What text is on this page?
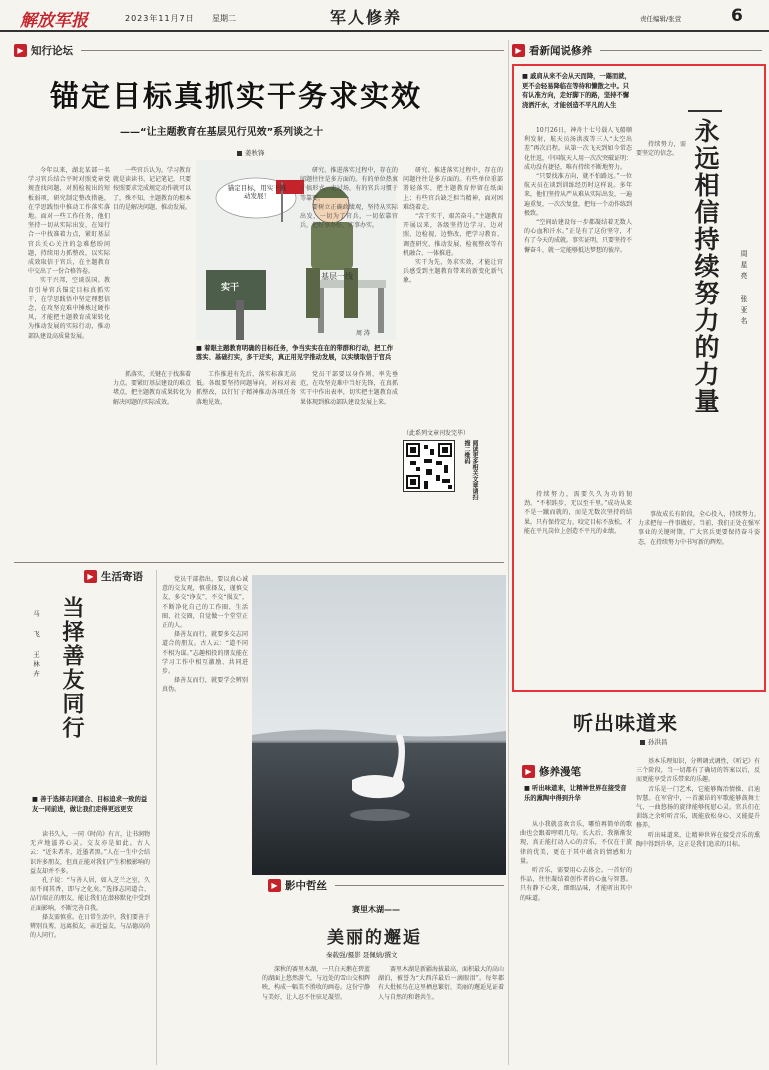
解放军报	2023年11月7日 星期二	军人修养	责任编辑/张萱	6
▶ 知行论坛
锚定目标真抓实干务求实效
——“让主题教育在基层见行见效”系列谈之十
姜秋锋

今年以来，湖北某部一名学习官兵结合平时对照党章党规查找问题，对照检视出的短板弱项，研究制定整改措施，在学思践悟中推动工作落实落地。面对一些工作任务，他们坚持一切从实际出发，在知行合一中找准着力点，紧盯基层官兵关心关注的急难愁盼问题，持续用力抓整改，以实际成效取信于官兵，在主题教育中交出了一份合格答卷。

实干兴邦，空谈误国。教育引导官兵锚定目标真抓实干，在学思践悟中坚定理想信念，在攻坚克难中锤炼过硬作风，才能把主题教育成果转化为推动发展的实际行动，推动部队建设高质量发展。

一些官兵认为，学习教育就是读读书、记记笔记，只要按照要求完成规定动作就可以了，殊不知，主题教育的根本目的是解决问题、推动发展。

锚定目标，用实干推动发展！
基层一线
实干
周 涛
■ 着眼主题教育明确的目标任务，争当实实在在的带群和行动，把工作落实、基础打实，多干迂实，真正用见宇推动发展，以实绩取信于官兵

抓落实，关键在于找准着力点。要紧盯基层建设的难点堵点，把主题教育成果转化为解决问题的实际成效。

工作推进有先后，落实标准无高低。各级要坚持问题导向，对标对表抓整改，以钉钉子精神推动各项任务落地见效。

研究、推进落实过程中，存在的问题往往是多方面的。有的单位热衷于搞形式、走过场，有的官兵习惯于等靠要。

要树立正确政绩观，坚持从实际出发，一切为了官兵，一切依靠官兵，把好事办好、实事办实。

党员干部要以身作则、率先垂范，在攻坚克难中当好先锋，在真抓实干中作出表率，切实把主题教育成果体现到推动部队建设发展上来。

研究、推进落实过程中，存在的问题往往是多方面的。有些单位重部署轻落实，把主题教育停留在纸面上；有些官兵缺乏担当精神，面对困难绕着走。

“苦干实干，艰苦奋斗。”主题教育开展以来，各级坚持边学习、边对照、边检视、边整改，把学习教育、调查研究、推动发展、检视整改等有机融合、一体推进。

实干为先，务求实效，才能让官兵感受到主题教育带来的新变化新气象。

阅读更多相关文章请扫描二维码
（此系列文章刊发完毕）
▶ 看新闻说修养
■ 戚肩从来不会从天而降，一踢而就，更不会轻易降临在等待和懒散之中。只有认准方向，走好脚下的路，坚持不懈浇洒汗水，才能创造不平凡的人生
永远相信持续努力的力量	周星亮 张亚名

10月26日，神舟十七号载人飞船顺利发射，航天员汤洪波等三人“太空出差”再次启程。从第一次飞天到如今常态化往返，中国航天人用一次次突破证明：成功没有捷径，唯有持续不断地努力。

“只要找准方向，就不怕路远。”一位航天员在谈到训练经历时这样说。多年来，他们坚持从严从难从实际出发，一遍遍重复，一次次复盘，把每一个动作练到极致。

“空间站建设每一步都凝结着无数人的心血和汗水。”正是有了这份坚守，才有了今天的成就。事实证明，只要坚持不懈奋斗，就一定能够抵达梦想的彼岸。

持续努力，需要坚定的信念。

持续努力，需要久久为功的韧劲。“不积跬步，无以至千里。”成功从来不是一蹴而就的，而是无数次坚持的结果。只有保持定力，咬定目标不放松，才能在平凡岗位上创造不平凡的业绩。

事故成长有阶段，全心投入，持续努力，力求把每一件事做好。当前，我们正处在强军事业的关键时期，广大官兵更要保持奋斗姿态，在持续努力中书写新的辉煌。

▶ 生活寄语
当择善友同行
马 飞 王林卉
■ 善于选择志同道合、目标追求一致的益友一同前进，做让我们走得更远更安

读书久入，一同《时尚》有言，让书润物无声地滋养心灵。交友亦是如此。古人云：“近朱者赤，近墨者黑。”人在一生中会结识许多朋友，但真正能对我们产生积极影响的益友却并不多。

孔子说：“与善人居，如入芝兰之室，久而不闻其香，即与之化矣。”选择志同道合、品行端正的朋友，能让我们在潜移默化中受到正面影响，不断完善自我。

择友需慎重。在日常生活中，我们要善于辨别良莠，远离损友，亲近益友，与品德高尚的人同行。

党员干部指出，要以真心诚意的交友观，慎重择友，谨慎交友，多交“诤友”，不交“损友”，不断净化自己的工作圈、生活圈、社交圈，自觉做一个堂堂正正的人。

择善友而行，就要多交志同道合的朋友。古人云：“道不同不相为谋。”志趣相投的朋友能在学习工作中相互激励、共同进步。

择善友而行，就要学会辨别真伪。

▶ 影中哲丝
赛里木湖——
美丽的邂逅
秦载强/摄影 聂佩婧/撰文

深秋的赛里木湖，一只白天鹅在碧蓝的湖面上悠然游弋，与远处的雪山交相辉映，构成一幅美不胜收的画卷。这份宁静与美好，让人忍不住驻足凝望。

赛里木湖是新疆海拔最高、面积最大的高山湖泊，被誉为“大西洋最后一滴眼泪”。每年都有大批候鸟在这里栖息繁衍，美丽的邂逅见证着人与自然的和谐共生。

听出味道来
孙洪昌
▶ 修养漫笔
■ 听出味道来，让精神世界在接受音乐的熏陶中得到升华

从小我就喜欢音乐，哪怕再简单的歌曲也会跟着哼唱几句。长大后，我渐渐发现，真正能打动人心的音乐，不仅在于旋律的优美，更在于其中蕴含的情感和力量。

听音乐，需要用心去体会。一首好的作品，往往凝结着创作者的心血与智慧。只有静下心来，细细品味，才能听出其中的味道。

基本乐理知识，分辨调式调性，《听记》有三个阶段，当一切都有了确切的答案以后，反而更能享受音乐带来的乐趣。

音乐是一门艺术，它能够陶冶情操、启迪智慧。在军营中，一首激昂的军歌能够鼓舞士气，一曲悠扬的旋律能够抚慰心灵。官兵们在训练之余听听音乐，既能放松身心，又能提升修养。

听出味道来，让精神世界在接受音乐的熏陶中得到升华，这正是我们追求的目标。
